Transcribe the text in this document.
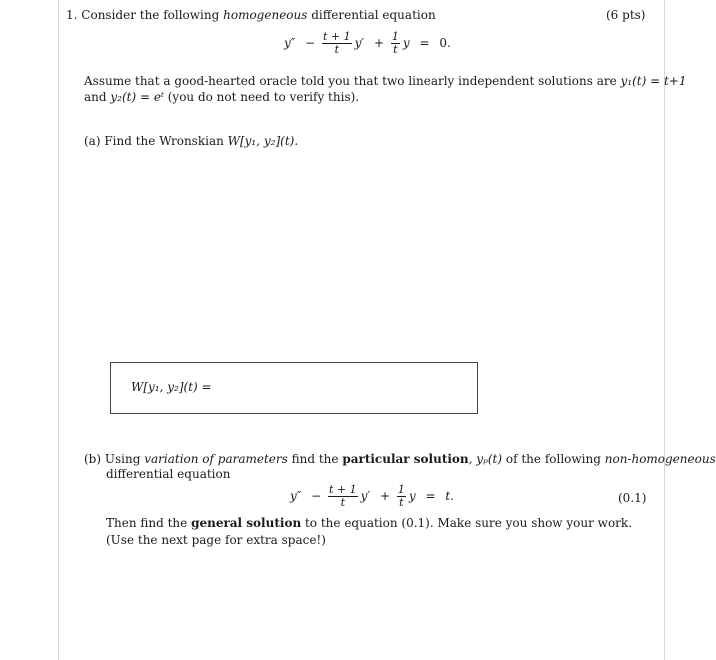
1. Consider the following homogeneous differential equation	(6 pts)
$y'' - \frac{t + 1}{t} y' + \frac{1}{t}$ y = 0.
Assume that a good-hearted oracle told you that two linearly independent solutions are y₁(t) = t+1
and y₂(t) = eᵗ (you do not need to verify this).
(a) Find the Wronskian W[y₁, y₂](t).
W[y₁, y₂](t) =
(b) Using variation of parameters find the particular solution, yₚ(t) of the following non-homogeneous
differential equation
$y'' - \frac{t + 1}{t} y' + \frac{1}{t}$ y = t.	(0.1)
Then find the general solution to the equation (0.1). Make sure you show your work.
(Use the next page for extra space!)
